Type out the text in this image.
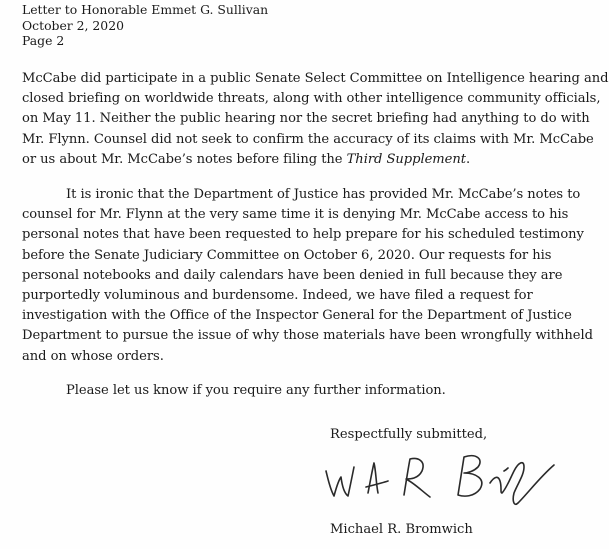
Letter to Honorable Emmet G. Sullivan
October 2, 2020
Page 2
McCabe did participate in a public Senate Select Committee on Intelligence hearing and
closed briefing on worldwide threats, along with other intelligence community officials,
on May 11. Neither the public hearing nor the secret briefing had anything to do with
Mr. Flynn. Counsel did not seek to confirm the accuracy of its claims with Mr. McCabe
or us about Mr. McCabe’s notes before filing the Third Supplement.
It is ironic that the Department of Justice has provided Mr. McCabe’s notes to
counsel for Mr. Flynn at the very same time it is denying Mr. McCabe access to his
personal notes that have been requested to help prepare for his scheduled testimony
before the Senate Judiciary Committee on October 6, 2020. Our requests for his
personal notebooks and daily calendars have been denied in full because they are
purportedly voluminous and burdensome. Indeed, we have filed a request for
investigation with the Office of the Inspector General for the Department of Justice
Department to pursue the issue of why those materials have been wrongfully withheld
and on whose orders.
Please let us know if you require any further information.
Respectfully submitted,
Michael R. Bromwich
